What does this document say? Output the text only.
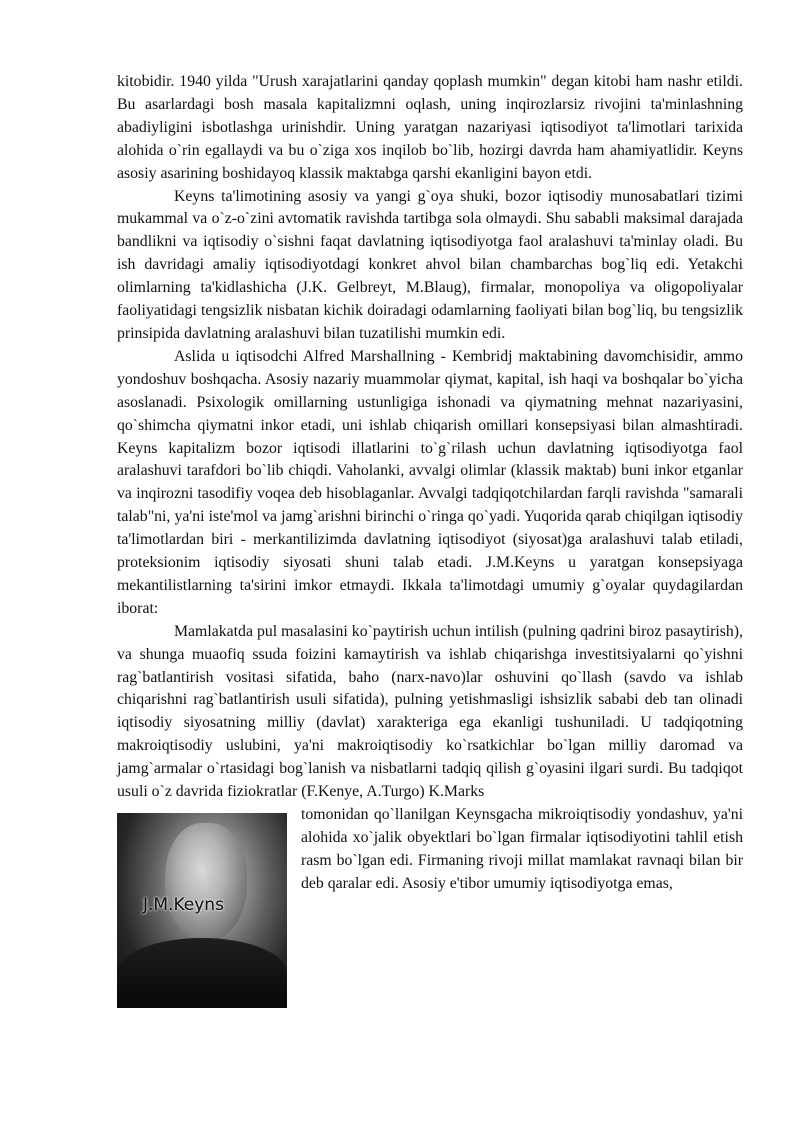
kitobidir. 1940 yilda "Urush xarajatlarini qanday qoplash mumkin" degan kitobi ham nashr etildi. Bu asarlardagi bosh masala kapitalizmni oqlash, uning inqirozlarsiz rivojini ta'minlashning abadiyligini isbotlashga urinishdir. Uning yaratgan nazariyasi iqtisodiyot ta'limotlari tarixida alohida o`rin egallaydi va bu o`ziga xos inqilob bo`lib, hozirgi davrda ham ahamiyatlidir. Keyns asosiy asarining boshidayoq klassik maktabga qarshi ekanligini bayon etdi.

Keyns ta'limotining asosiy va yangi g`oya shuki, bozor iqtisodiy munosabatlari tizimi mukammal va o`z-o`zini avtomatik ravishda tartibga sola olmaydi. Shu sababli maksimal darajada bandlikni va iqtisodiy o`sishni faqat davlatning iqtisodiyotga faol aralashuvi ta'minlay oladi. Bu ish davridagi amaliy iqtisodiyotdagi konkret ahvol bilan chambarchas bog`liq edi. Yetakchi olimlarning ta'kidlashicha (J.K. Gelbreyt, M.Blaug), firmalar, monopoliya va oligopoliyalar faoliyatidagi tengsizlik nisbatan kichik doiradagi odamlarning faoliyati bilan bog`liq, bu tengsizlik prinsipida davlatning aralashuvi bilan tuzatilishi mumkin edi.

Aslida u iqtisodchi Alfred Marshallning - Kembridj maktabining davomchisidir, ammo yondoshuv boshqacha. Asosiy nazariy muammolar qiymat, kapital, ish haqi va boshqalar bo`yicha asoslanadi. Psixologik omillarning ustunligiga ishonadi va qiymatning mehnat nazariyasini, qo`shimcha qiymatni inkor etadi, uni ishlab chiqarish omillari konsepsiyasi bilan almashtiradi. Keyns kapitalizm bozor iqtisodi illatlarini to`g`rilash uchun davlatning iqtisodiyotga faol aralashuvi tarafdori bo`lib chiqdi. Vaholanki, avvalgi olimlar (klassik maktab) buni inkor etganlar va inqirozni tasodifiy voqea deb hisoblaganlar. Avvalgi tadqiqotchilardan farqli ravishda "samarali talab"ni, ya'ni iste'mol va jamg`arishni birinchi o`ringa qo`yadi. Yuqorida qarab chiqilgan iqtisodiy ta'limotlardan biri - merkantilizimda davlatning iqtisodiyot (siyosat)ga aralashuvi talab etiladi, proteksionim iqtisodiy siyosati shuni talab etadi. J.M.Keyns u yaratgan konsepsiyaga mekantilistlarning ta'sirini imkor etmaydi. Ikkala ta'limotdagi umumiy g`oyalar quydagilardan iborat:

Mamlakatda pul masalasini ko`paytirish uchun intilish (pulning qadrini biroz pasaytirish), va shunga muaofiq ssuda foizini kamaytirish va ishlab chiqarishga investitsiyalarni qo`yishni rag`batlantirish vositasi sifatida, baho (narx-navo)lar oshuvini qo`llash (savdo va ishlab chiqarishni rag`batlantirish usuli sifatida), pulning yetishmasligi ishsizlik sababi deb tan olinadi iqtisodiy siyosatning milliy (davlat) xarakteriga ega ekanligi tushuniladi. U tadqiqotning makroiqtisodiy uslubini, ya'ni makroiqtisodiy ko`rsatkichlar bo`lgan milliy daromad va jamg`armalar o`rtasidagi bog`lanish va nisbatlarni tadqiq qilish g`oyasini ilgari surdi. Bu tadqiqot usuli o`z davrida fiziokratlar (F.Kenye, A.Turgo) K.Marks

J.M.Keyns

tomonidan qo`llanilgan Keynsgacha mikroiqtisodiy yondashuv, ya'ni alohida xo`jalik obyektlari bo`lgan firmalar iqtisodiyotini tahlil etish rasm bo`lgan edi. Firmaning rivoji millat mamlakat ravnaqi bilan bir deb qaralar edi. Asosiy e'tibor umumiy iqtisodiyotga emas,
